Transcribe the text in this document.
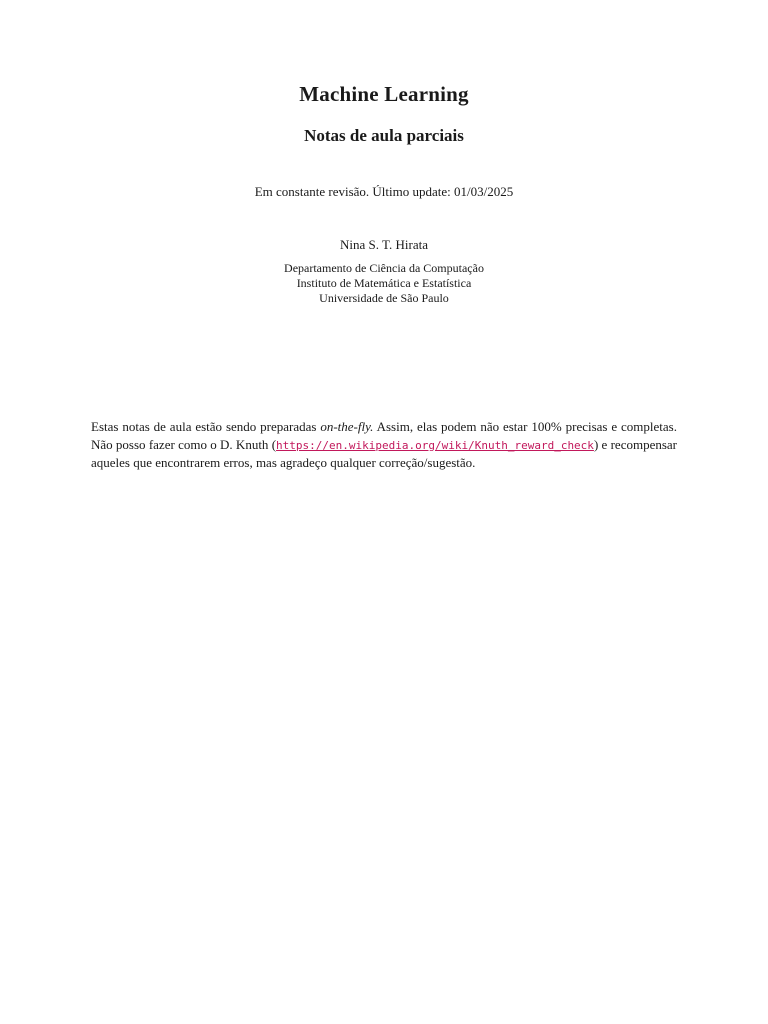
Machine Learning
Notas de aula parciais
Em constante revisão. Último update: 01/03/2025
Nina S. T. Hirata
Departamento de Ciência da Computação
Instituto de Matemática e Estatística
Universidade de São Paulo
Estas notas de aula estão sendo preparadas on-the-fly. Assim, elas podem não estar 100% precisas e completas. Não posso fazer como o D. Knuth (https://en.wikipedia.org/wiki/Knuth_reward_check) e recompensar aqueles que encontrarem erros, mas agradeço qualquer correção/sugestão.
